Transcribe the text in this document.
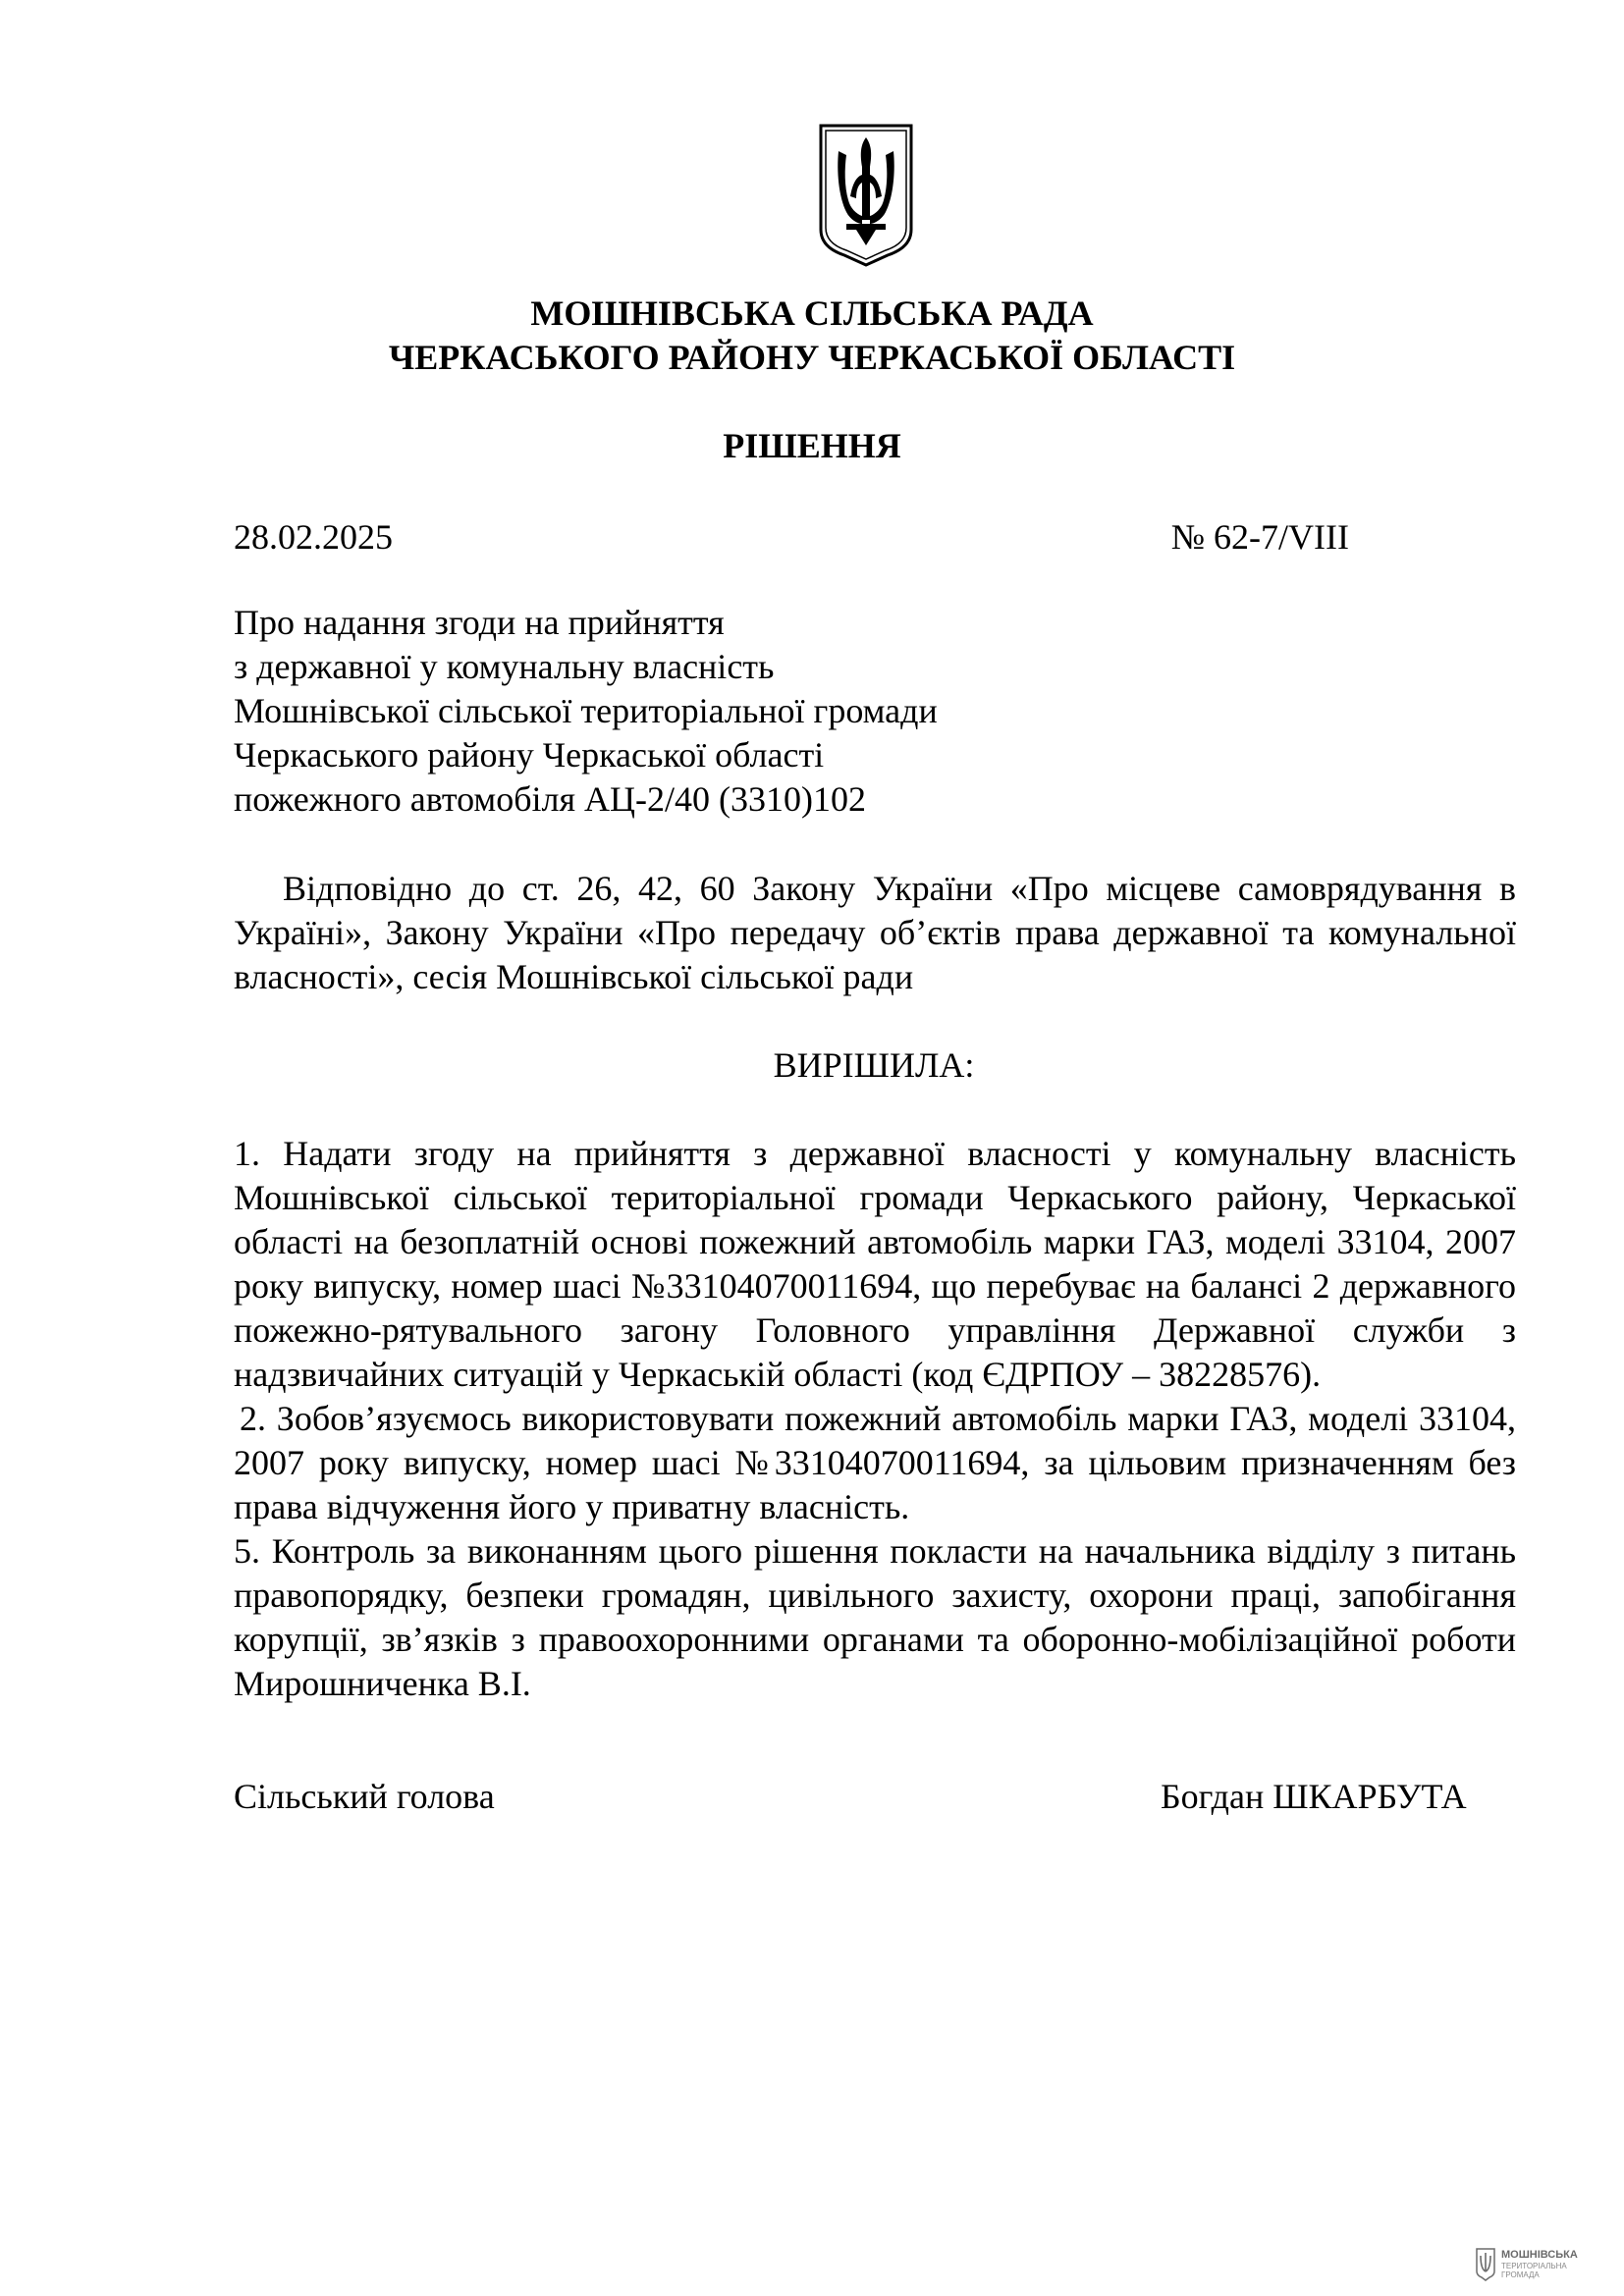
МОШНІВСЬКА СІЛЬСЬКА РАДА
ЧЕРКАСЬКОГО РАЙОНУ ЧЕРКАСЬКОЇ ОБЛАСТІ
РІШЕННЯ
28.02.2025	№ 62-7/VIII
Про надання згоди на прийняття
з державної у комунальну власність
Мошнівської сільської територіальної громади
Черкаського району Черкаської області
пожежного автомобіля АЦ-2/40 (3310)102
Відповідно до ст. 26, 42, 60 Закону України «Про місцеве самоврядування в Україні», Закону України «Про передачу об’єктів права державної та комунальної власності», сесія Мошнівської сільської ради
ВИРІШИЛА:

1. Надати згоду на прийняття з державної власності у комунальну власність Мошнівської сільської територіальної громади Черкаського району, Черкаської області на безоплатній основі пожежний автомобіль марки ГАЗ, моделі 33104, 2007 року випуску, номер шасі №33104070011694, що перебуває на балансі 2 державного пожежно-рятувального загону Головного управління Державної служби з надзвичайних ситуацій у Черкаській області (код ЄДРПОУ – 38228576).

2. Зобов’язуємось використовувати пожежний автомобіль марки ГАЗ, моделі 33104, 2007 року випуску, номер шасі №33104070011694, за цільовим призначенням без права відчуження його у приватну власність.

5. Контроль за виконанням цього рішення покласти на начальника відділу з питань правопорядку, безпеки громадян, цивільного захисту, охорони праці, запобігання корупції, зв’язків з правоохоронними органами та оборонно-мобілізаційної роботи Мирошниченка В.І.

Сільський голова	Богдан ШКАРБУТА
МОШНІВСЬКА
ТЕРИТОРІАЛЬНА
ГРОМАДА
